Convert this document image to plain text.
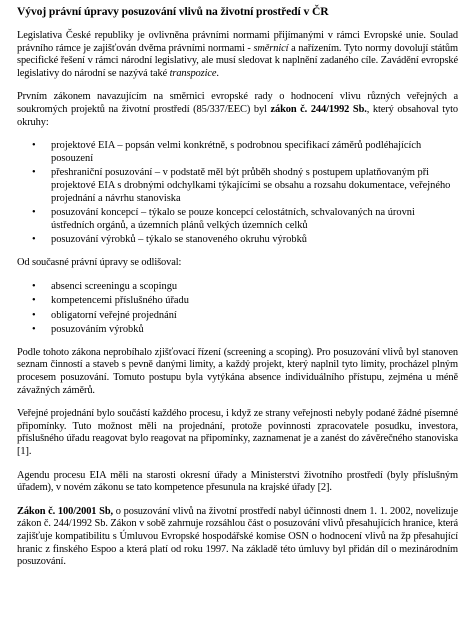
Vývoj právní úpravy posuzování vlivů na životní prostředí v ČR

Legislativa České republiky je ovlivněna právními normami přijímanými v rámci Evropské unie. Soulad právního rámce je zajišťován dvěma právními normami - směrnicí a nařízením. Tyto normy dovolují státům specifické řešení v rámci národní legislativy, ale musí sledovat k naplnění zadaného cíle. Zavádění evropské legislativy do národní se nazývá také transpozice.

Prvním zákonem navazujícím na směrnici evropské rady o hodnocení vlivu různých veřejných a soukromých projektů na životní prostředí (85/337/EEC) byl zákon č. 244/1992 Sb., který obsahoval tyto okruhy:

• projektové EIA – popsán velmi konkrétně, s podrobnou specifikací záměrů podléhajících posouzení
• přeshraniční posuzování – v podstatě měl být průběh shodný s postupem uplatňovaným při projektové EIA s drobnými odchylkami týkajícími se obsahu a rozsahu dokumentace, veřejného projednání a návrhu stanoviska
• posuzování koncepcí – týkalo se pouze koncepcí celostátních, schvalovaných na úrovni ústředních orgánů, a územních plánů velkých územních celků
• posuzování výrobků – týkalo se stanoveného okruhu výrobků

Od současné právní úpravy se odlišoval:

• absenci screeningu a scopingu
• kompetencemi příslušného úřadu
• obligatorní veřejné projednání
• posuzováním výrobků

Podle tohoto zákona neprobíhalo zjišťovací řízení (screening a scoping). Pro posuzování vlivů byl stanoven seznam činností a staveb s pevně danými limity, a každý projekt, který naplnil tyto limity, procházel plným procesem posuzování. Tomuto postupu byla vytýkána absence individuálního přístupu, zejména u méně závažných záměrů.

Veřejné projednání bylo součástí každého procesu, i když ze strany veřejnosti nebyly podané žádné písemné připomínky. Tuto možnost měli na projednání, protože povinnosti zpracovatele posudku, investora, příslušného úřadu reagovat bylo reagovat na připomínky, zaznamenat je a zanést do závěrečného stanoviska [1].

Agendu procesu EIA měli na starosti okresní úřady a Ministerstvi životního prostředí (byly příslušným úřadem), v novém zákonu se tato kompetence přesunula na krajské úřady [2].

Zákon č. 100/2001 Sb, o posuzování vlivů na životní prostředí nabyl účinnosti dnem 1. 1. 2002, novelizuje zákon č. 244/1992 Sb. Zákon v sobě zahrnuje rozsáhlou část o posuzování vlivů přesahujících hranice, která zajišťuje kompatibilitu s Úmluvou Evropské hospodářské komise OSN o hodnocení vlivů na žp přesahující hranic z finského Espoo a která platí od roku 1997. Na základě této úmluvy byl přidán díl o mezinárodním posuzování.
